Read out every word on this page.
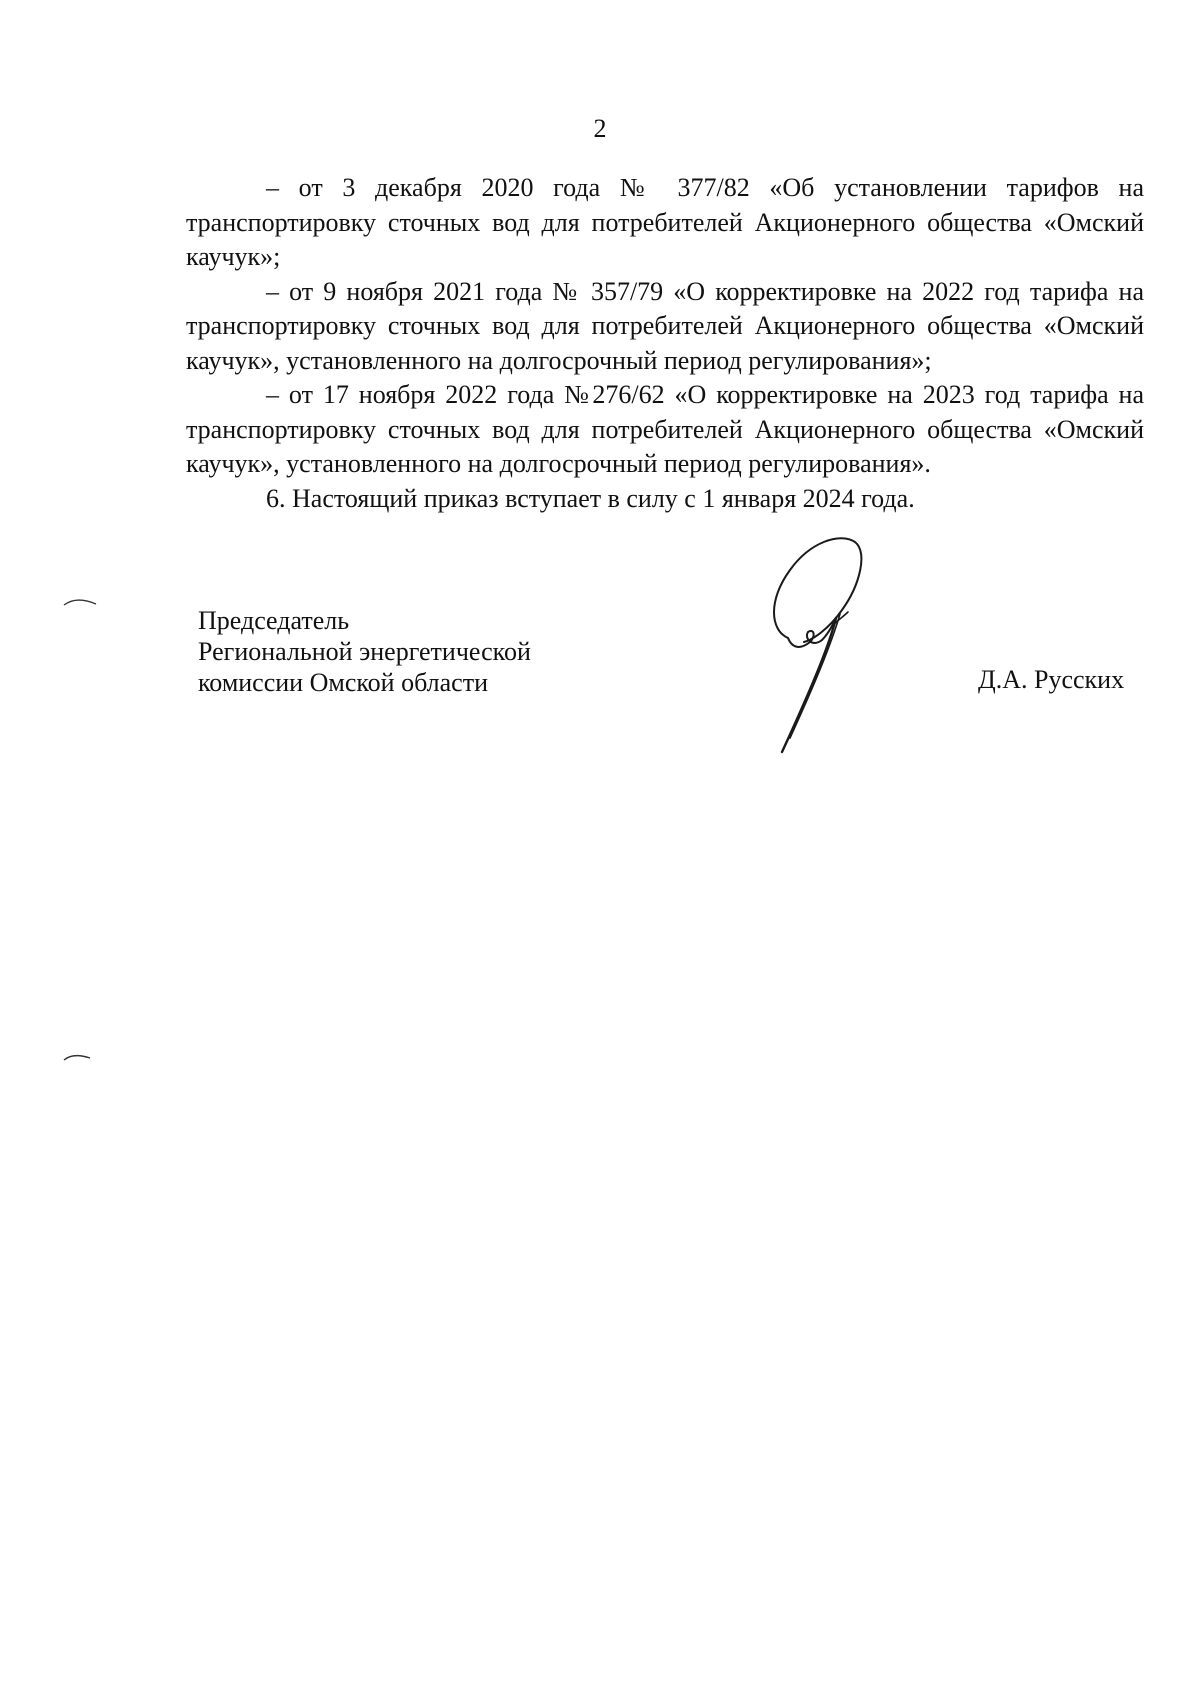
2

– от 3 декабря 2020 года № 377/82 «Об установлении тарифов на транспортировку сточных вод для потребителей Акционерного общества «Омский каучук»;

– от 9 ноября 2021 года № 357/79 «О корректировке на 2022 год тарифа на транспортировку сточных вод для потребителей Акционерного общества «Омский каучук», установленного на долгосрочный период регулирования»;

– от 17 ноября 2022 года №276/62 «О корректировке на 2023 год тарифа на транспортировку сточных вод для потребителей Акционерного общества «Омский каучук», установленного на долгосрочный период регулирования».

6. Настоящий приказ вступает в силу с 1 января 2024 года.

Председатель
Региональной энергетической
комиссии Омской области	Д.А. Русских
